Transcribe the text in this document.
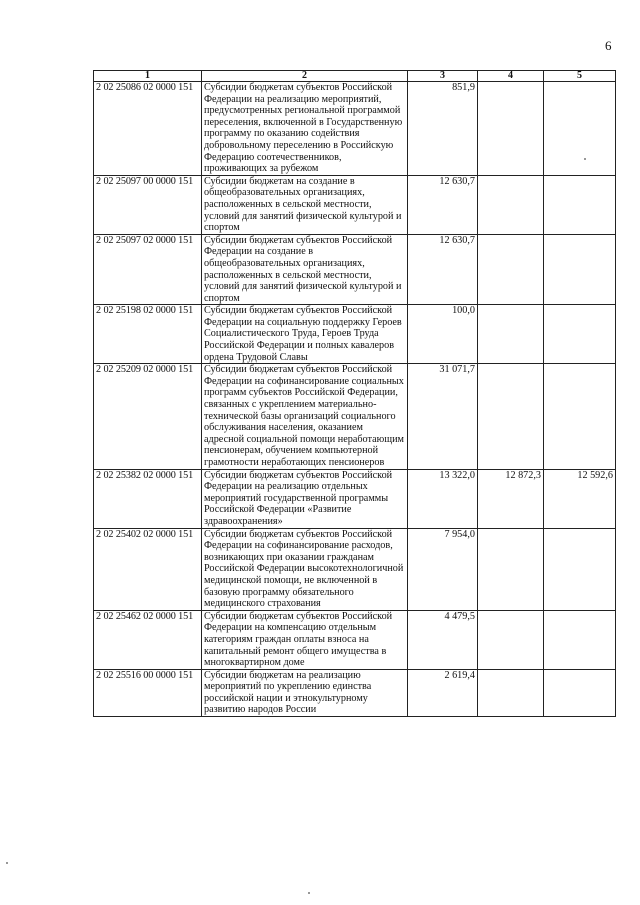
6
1	2	3	4	5
2 02 25086 02 0000 151	Субсидии бюджетам субъектов Российской Федерации на реализацию мероприятий, предусмотренных региональной программой переселения, включенной в Государственную программу по оказанию содействия добровольному переселению в Российскую Федерацию соотечественников, проживающих за рубежом	851,9		
2 02 25097 00 0000 151	Субсидии бюджетам на создание в общеобразовательных организациях, расположенных в сельской местности, условий для занятий физической культурой и спортом	12 630,7		
2 02 25097 02 0000 151	Субсидии бюджетам субъектов Российской Федерации на создание в общеобразовательных организациях, расположенных в сельской местности, условий для занятий физической культурой и спортом	12 630,7		
2 02 25198 02 0000 151	Субсидии бюджетам субъектов Российской Федерации на социальную поддержку Героев Социалистического Труда, Героев Труда Российской Федерации и полных кавалеров ордена Трудовой Славы	100,0		
2 02 25209 02 0000 151	Субсидии бюджетам субъектов Российской Федерации на софинансирование социальных программ субъектов Российской Федерации, связанных с укреплением материально-технической базы организаций социального обслуживания населения, оказанием адресной социальной помощи неработающим пенсионерам, обучением компьютерной грамотности неработающих пенсионеров	31 071,7		
2 02 25382 02 0000 151	Субсидии бюджетам субъектов Российской Федерации на реализацию отдельных мероприятий государственной программы Российской Федерации «Развитие здравоохранения»	13 322,0	12 872,3	12 592,6
2 02 25402 02 0000 151	Субсидии бюджетам субъектов Российской Федерации на софинансирование расходов, возникающих при оказании гражданам Российской Федерации высокотехнологичной медицинской помощи, не включенной в базовую программу обязательного медицинского страхования	7 954,0		
2 02 25462 02 0000 151	Субсидии бюджетам субъектов Российской Федерации на компенсацию отдельным категориям граждан оплаты взноса на капитальный ремонт общего имущества в многоквартирном доме	4 479,5		
2 02 25516 00 0000 151	Субсидии бюджетам на реализацию мероприятий по укреплению единства российской нации и этнокультурному развитию народов России	2 619,4		
